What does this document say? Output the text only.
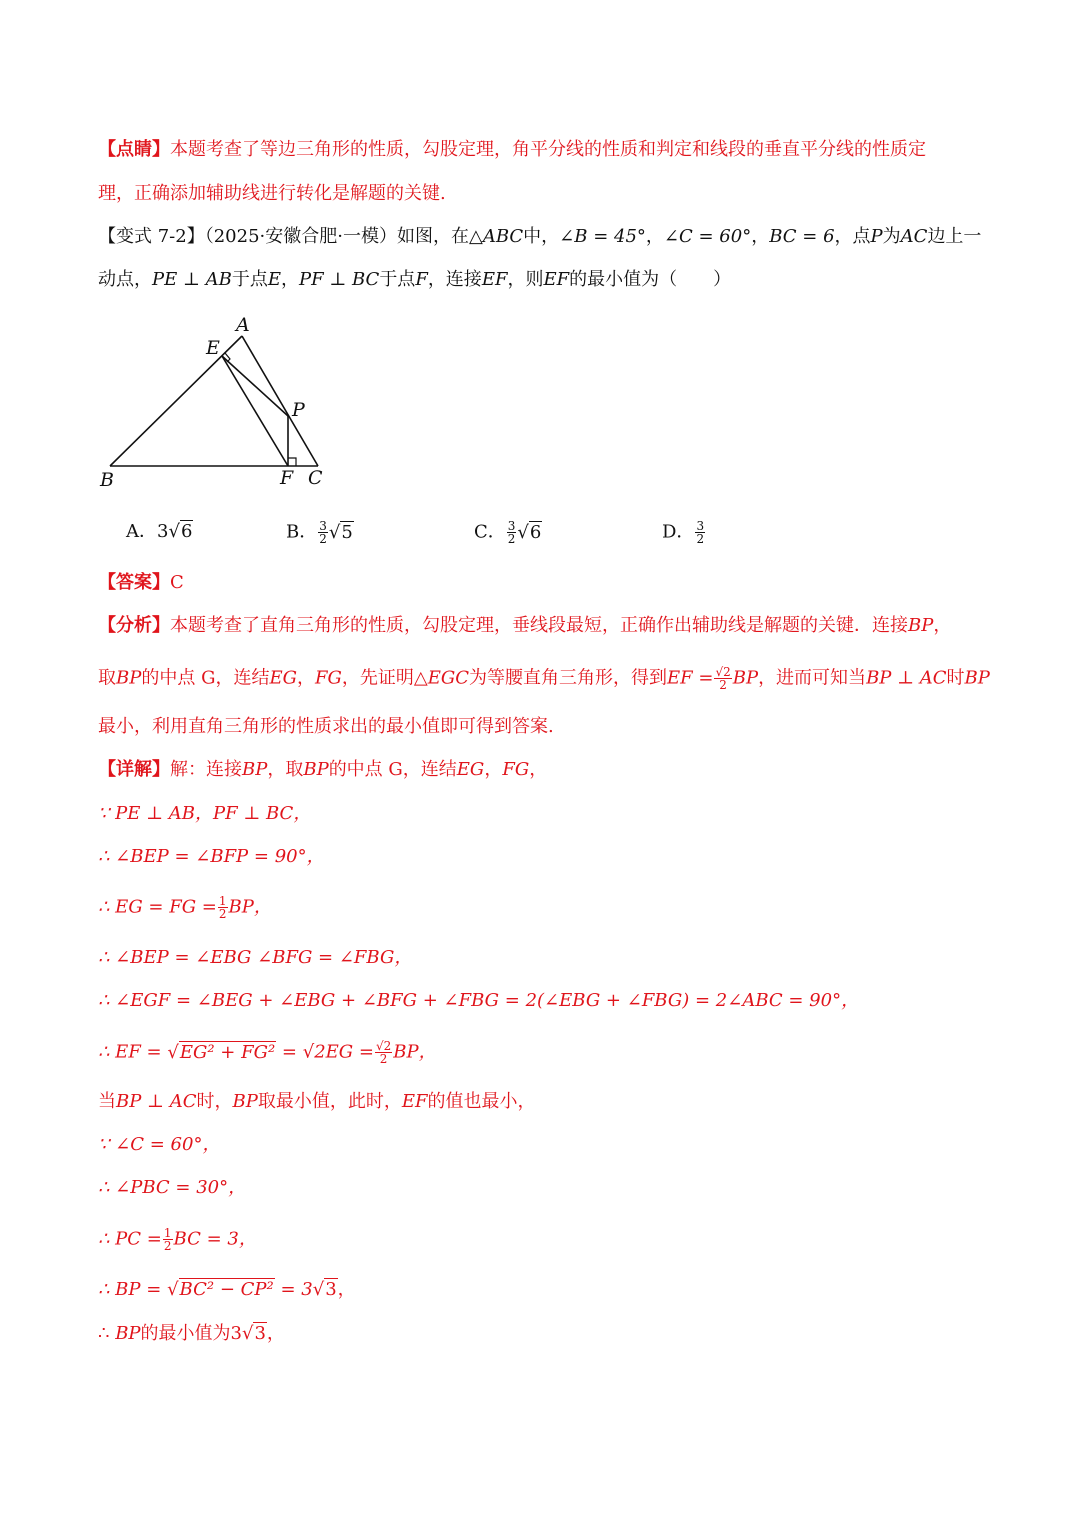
【点睛】本题考查了等边三角形的性质，勾股定理，角平分线的性质和判定和线段的垂直平分线的性质定
理，正确添加辅助线进行转化是解题的关键.
【变式 7-2】（2025·安徽合肥·一模）如图，在△ABC中，∠B = 45°，∠C = 60°，BC = 6，点P为AC边上一
动点，PE ⊥ AB于点E，PF ⊥ BC于点F，连接EF，则EF的最小值为（　　）
A
E
P
B	F C
A．3√6	B． $\frac{3}{2} √5$	C． $\frac{3}{2} √6$	D． $\frac{3}{2}$
【答案】C
【分析】本题考查了直角三角形的性质，勾股定理，垂线段最短，正确作出辅助线是解题的关键．连接BP，
取BP的中点 G，连结EG，FG，先证明△EGC为等腰直角三角形，得到EF = $\frac{√2}{2}$ BP，进而可知当BP ⊥ AC时BP
最小，利用直角三角形的性质求出的最小值即可得到答案.
【详解】解：连接BP，取BP的中点 G，连结EG，FG，
∵ PE ⊥ AB，PF ⊥ BC，
∴ ∠BEP = ∠BFP = 90°，
∴ EG = FG = $\frac{1}{2}$ BP，
∴ ∠BEP = ∠EBG ∠BFG = ∠FBG，
∴ ∠EGF = ∠BEG + ∠EBG + ∠BFG + ∠FBG = 2(∠EBG + ∠FBG) = 2∠ABC = 90°，
∴ EF = $√EG^2 + FG^2 = √2EG = \frac{√2}{2}$ BP，
当BP ⊥ AC时，BP取最小值，此时，EF的值也最小，
∵ ∠C = 60°，
∴ ∠PBC = 30°，
∴ PC = $\frac{1}{2}$ BC = 3，
∴ BP = √BC² − CP² = 3√3，
∴ BP的最小值为3√3，
